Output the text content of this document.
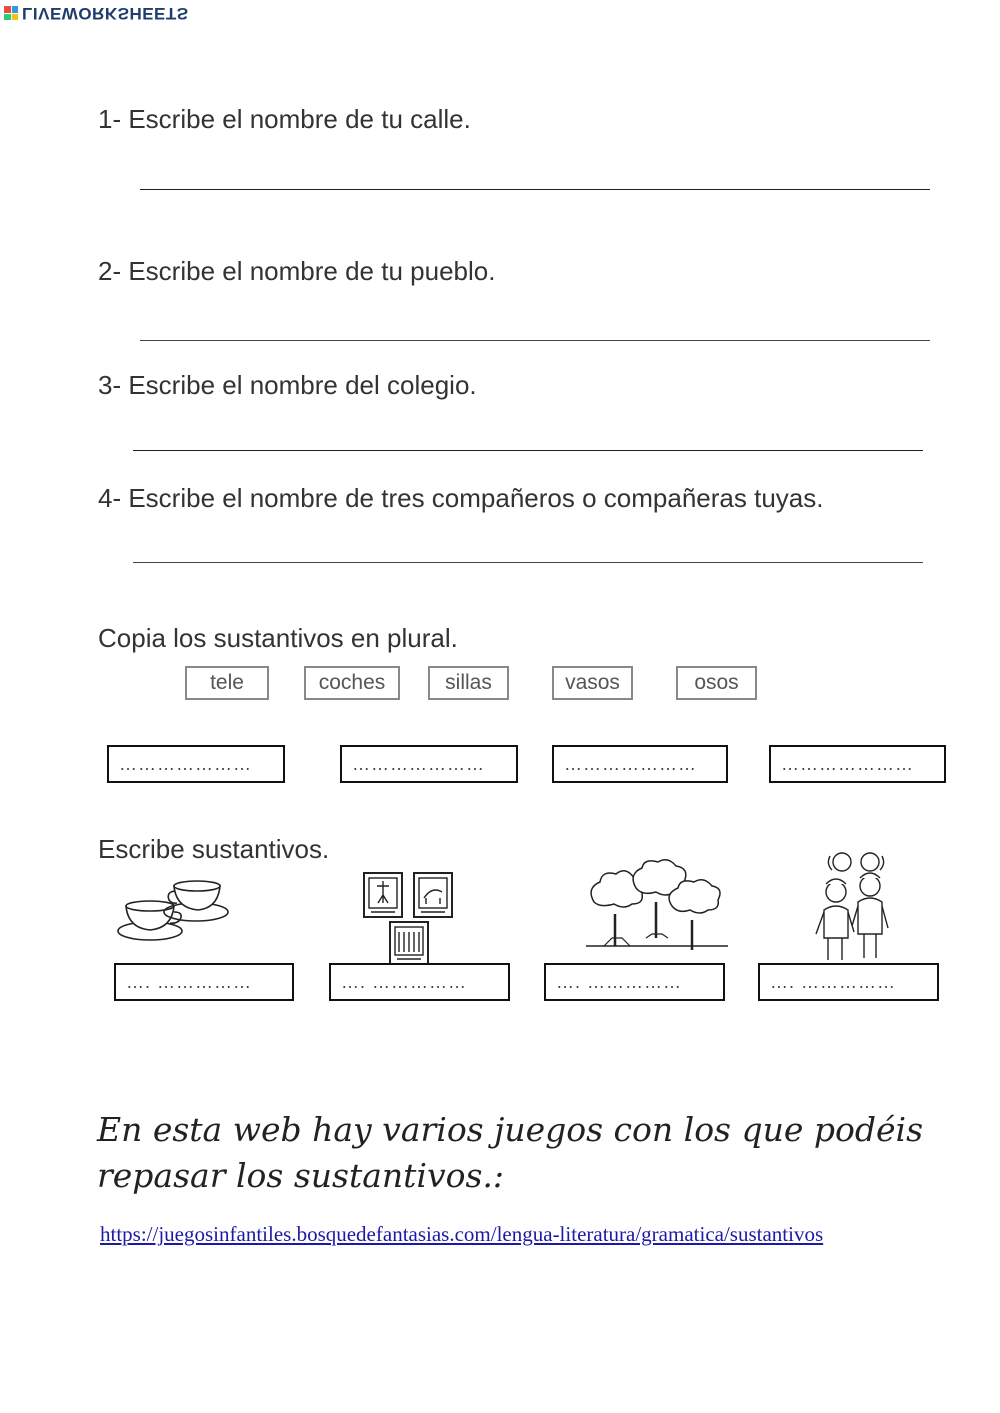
LIVEWORKSHEETS
1- Escribe el nombre de tu calle.
2- Escribe el nombre de tu pueblo.
3- Escribe el nombre del colegio.
4- Escribe el nombre de tres compañeros o compañeras tuyas.
Copia los sustantivos en plural.
tele	coches	sillas	vasos	osos
…………………	…………………	…………………	…………………
Escribe sustantivos.
…. ……………	…. ……………	…. ……………	…. ……………
En esta web hay varios juegos con los que podéis
repasar los sustantivos.:
https://juegosinfantiles.bosquedefantasias.com/lengua-literatura/gramatica/sustantivos
